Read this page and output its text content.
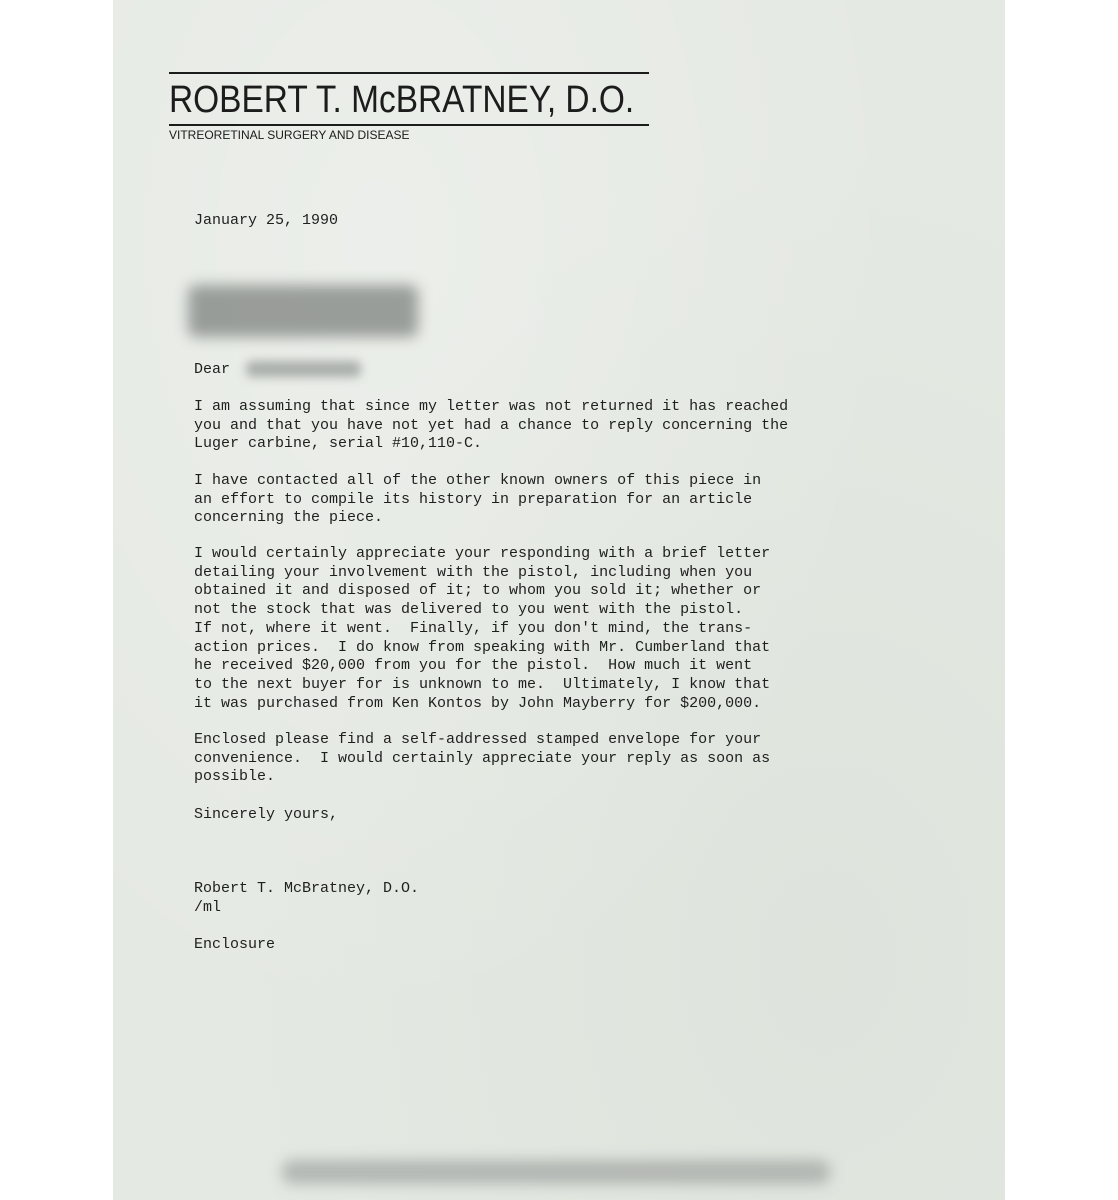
ROBERT T. McBRATNEY, D.O.
VITREORETINAL SURGERY AND DISEASE
January 25, 1990
Dear
I am assuming that since my letter was not returned it has reached
you and that you have not yet had a chance to reply concerning the
Luger carbine, serial #10,110-C.
I have contacted all of the other known owners of this piece in
an effort to compile its history in preparation for an article
concerning the piece.
I would certainly appreciate your responding with a brief letter
detailing your involvement with the pistol, including when you
obtained it and disposed of it; to whom you sold it; whether or
not the stock that was delivered to you went with the pistol.
If not, where it went.  Finally, if you don't mind, the trans-
action prices.  I do know from speaking with Mr. Cumberland that
he received $20,000 from you for the pistol.  How much it went
to the next buyer for is unknown to me.  Ultimately, I know that
it was purchased from Ken Kontos by John Mayberry for $200,000.
Enclosed please find a self-addressed stamped envelope for your
convenience.  I would certainly appreciate your reply as soon as
possible.
Sincerely yours,
Robert T. McBratney, D.O.
/ml
Enclosure
